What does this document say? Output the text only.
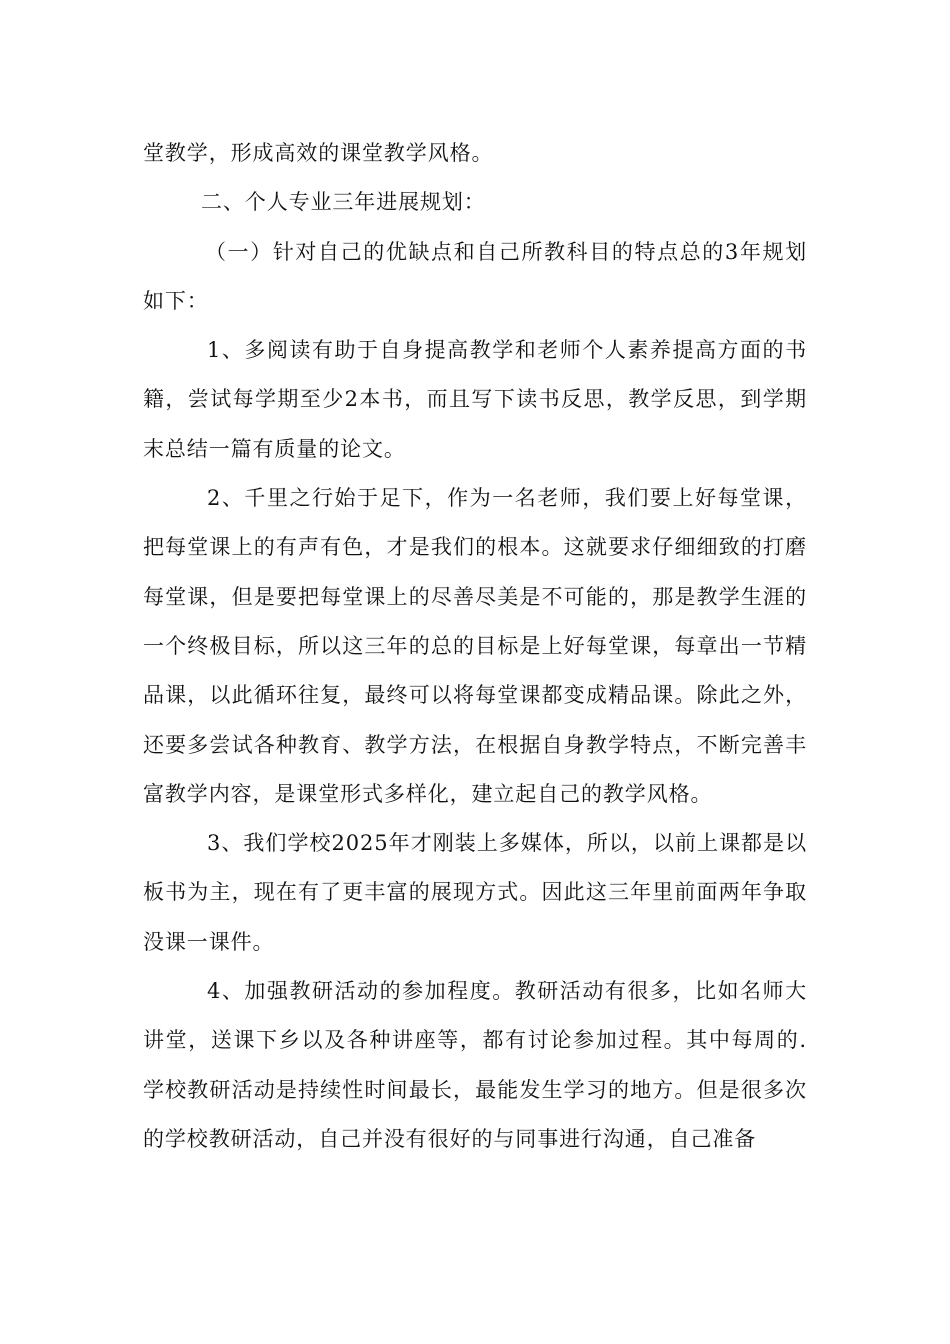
堂教学，形成高效的课堂教学风格。

二、个人专业三年进展规划：

（一）针对自己的优缺点和自己所教科目的特点总的3年规划如下：

1、多阅读有助于自身提高教学和老师个人素养提高方面的书籍，尝试每学期至少2本书，而且写下读书反思，教学反思，到学期末总结一篇有质量的论文。

2、千里之行始于足下，作为一名老师，我们要上好每堂课，把每堂课上的有声有色，才是我们的根本。这就要求仔细细致的打磨每堂课，但是要把每堂课上的尽善尽美是不可能的，那是教学生涯的一个终极目标，所以这三年的总的目标是上好每堂课，每章出一节精品课，以此循环往复，最终可以将每堂课都变成精品课。除此之外，还要多尝试各种教育、教学方法，在根据自身教学特点，不断完善丰富教学内容，是课堂形式多样化，建立起自己的教学风格。

3、我们学校2025年才刚装上多媒体，所以，以前上课都是以板书为主，现在有了更丰富的展现方式。因此这三年里前面两年争取没课一课件。

4、加强教研活动的参加程度。教研活动有很多，比如名师大讲堂，送课下乡以及各种讲座等，都有讨论参加过程。其中每周的.学校教研活动是持续性时间最长，最能发生学习的地方。但是很多次的学校教研活动，自己并没有很好的与同事进行沟通，自己准备
